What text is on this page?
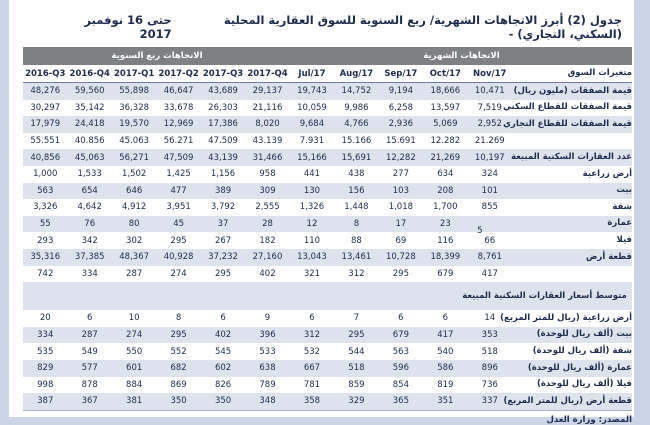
جدول (2) أبرز الاتجاهات الشهرية/ ربع السنوية للسوق العقارية المحلية (السكني، التجاري) -
حتى 16 نوفمبر 2017
الاتجاهات الشهرية
الاتجاهات ربع السنوية
متغيرات السوق
Nov/17
Oct/17
Sep/17
Aug/17
Jul/17
2017-Q4
2017-Q3
2017-Q2
2017-Q1
2016-Q4
2016-Q3
قيمة الصفقات (مليون ريال)
10,471
18,666
9,194
14,752
19,743
29,137
43,689
46,647
55,898
59,560
48,276
قيمة الصفقات للقطاع السكني
7,519
13,597
6,258
9,986
10,059
21,116
26,303
33,678
36,328
35,142
30,297
قيمة الصفقات للقطاع التجاري
2,952
5,069
2,936
4,766
9,684
8,020
17,386
12,969
19,570
24,418
17,979
21.269
12.282
15.691
15.166
7.931
43.139
47.509
56.271
45.063
40.856
55.551
عدد العقارات السكنية المبيعة
10,197
21,269
12,282
15,691
15,166
31,466
43,139
47,509
56,271
45,063
40,856
أرض زراعية
324
634
277
438
441
958
1,156
1,425
1,502
1,533
1,000
بيت
101
208
103
156
130
309
389
477
646
654
563
شقة
855
1,700
1,018
1,448
1,326
2,555
3,792
3,951
4,912
4,642
3,326
عمارة
5
23
17
8
12
28
37
45
80
76
55
فيلا
66
116
69
88
110
182
267
295
302
342
293
قطعة أرض
8,761
18,399
10,728
13,461
13,043
27,160
37,232
40,928
48,367
37,385
35,316
417
679
295
312
321
402
295
274
287
334
742
متوسط أسعار العقارات السكنية المبيعة
أرض زراعية (ريال للمتر المربع)
14
6
6
7
6
9
6
8
10
6
20
بيت (ألف ريال للوحدة)
353
417
679
295
312
396
402
295
274
287
334
شقة (ألف ريال للوحدة)
518
540
563
544
532
533
545
552
550
549
535
عمارة (ألف ريال للوحدة)
896
586
596
518
667
638
602
682
601
577
829
فيلا (ألف ريال للوحدة)
736
819
854
859
781
789
826
869
884
878
998
قطعة أرض (ريال للمتر المربع)
337
351
365
329
358
348
350
350
381
367
387
المصدر: وزارة العدل
